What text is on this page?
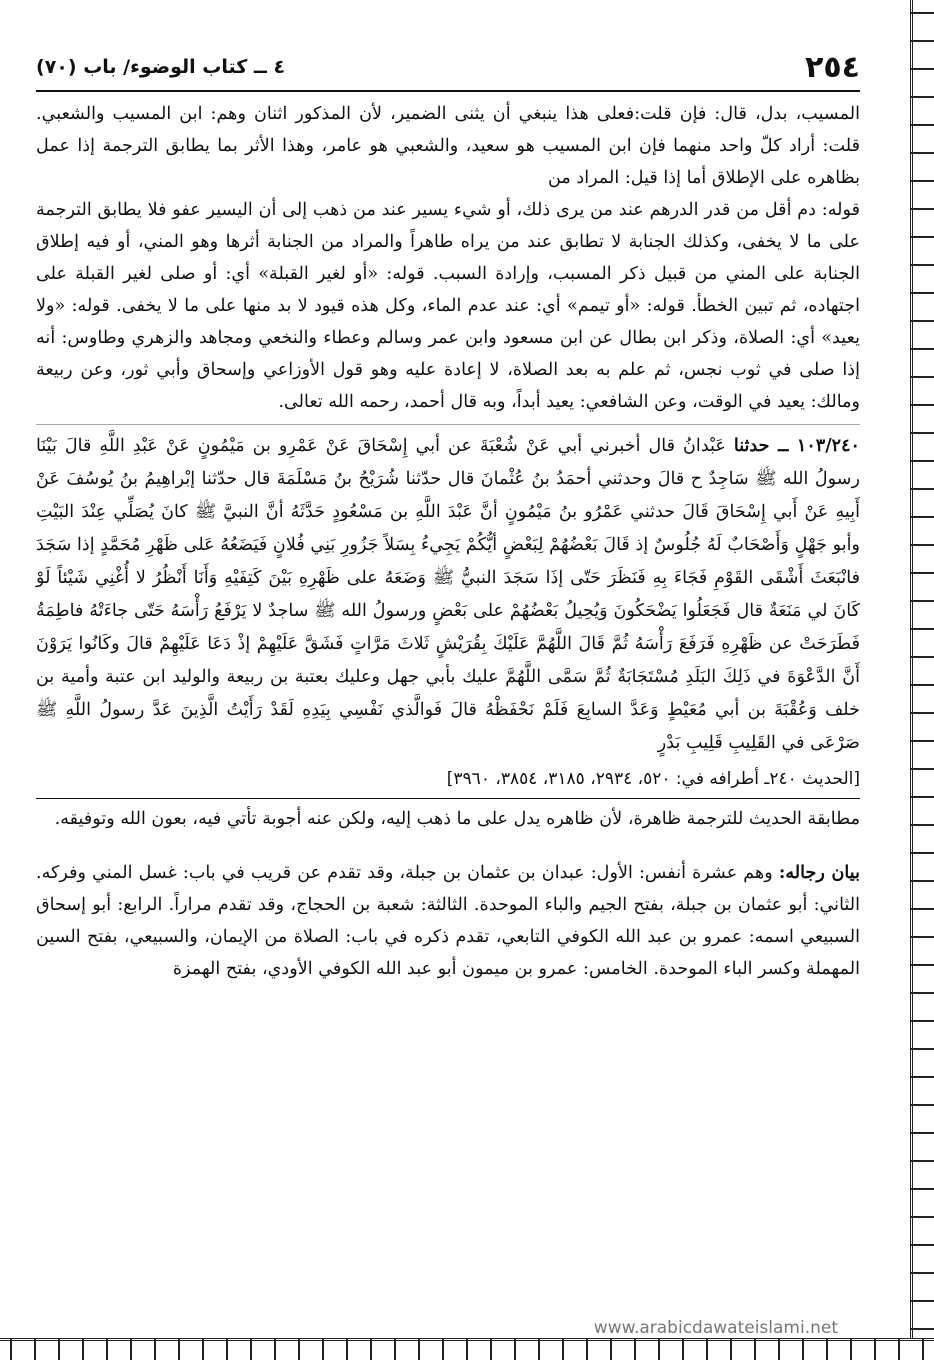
٢٥٤
٤ ــ كتاب الوضوء/ باب (٧٠)

المسيب، بدل، قال: فإن قلت:فعلى هذا ينبغي أن يثنى الضمير، لأن المذكور اثنان وهم: ابن المسيب والشعبي. قلت: أراد كلّ واحد منهما فإن ابن المسيب هو سعيد، والشعبي هو عامر، وهذا الأثر بما يطابق الترجمة إذا عمل بظاهره على الإطلاق أما إذا قيل: المراد من

قوله: دم أقل من قدر الدرهم عند من يرى ذلك، أو شيء يسير عند من ذهب إلى أن اليسير عفو فلا يطابق الترجمة على ما لا يخفى، وكذلك الجنابة لا تطابق عند من يراه طاهراً والمراد من الجنابة أثرها وهو المني، أو فيه إطلاق الجنابة على المني من قبيل ذكر المسبب، وإرادة السبب. قوله: «أو لغير القبلة» أي: أو صلى لغير القبلة على اجتهاده، ثم تبين الخطأ. قوله: «أو تيمم» أي: عند عدم الماء، وكل هذه قيود لا بد منها على ما لا يخفى. قوله: «ولا يعيد» أي: الصلاة، وذكر ابن بطال عن ابن مسعود وابن عمر وسالم وعطاء والنخعي ومجاهد والزهري وطاوس: أنه إذا صلى في ثوب نجس، ثم علم به بعد الصلاة، لا إعادة عليه وهو قول الأوزاعي وإسحاق وأبي ثور، وعن ربيعة ومالك: يعيد في الوقت، وعن الشافعي: يعيد أبداً، وبه قال أحمد، رحمه الله تعالى.

١٠٣/٢٤٠ ــ حدثنا عَبْدانُ قال أخبرني أبي عَنْ شُعْبَةَ عن أبي إِسْحَاقَ عَنْ عَمْرِو بن مَيْمُونٍ عَنْ عَبْدِ اللَّهِ قالَ بَيْنَا رسولُ الله ﷺ سَاجِدٌ ح قالَ وحدثني أحمَدُ بنُ عُثْمانَ قال حدّثنا شُرَيْحُ بنُ مَسْلَمَةَ قال حدّثنا إبْراهِيمُ بنُ يُوسُفَ عَنْ أَبِيهِ عَنْ أَبي إِسْحَاقَ قَالَ حدثني عَمْرُو بنُ مَيْمُونٍ أنَّ عَبْدَ اللَّهِ بن مَسْعُودٍ حَدَّثَهُ أنَّ النبيَّ ﷺ كانَ يُصَلِّي عِنْدَ البَيْتِ وأبو جَهْلٍ وَأَصْحَابٌ لَهُ جُلُوسٌ إذ قَالَ بَعْضُهُمْ لِبَعْضٍ أيُّكُمْ يَجِيءُ بِسَلاً جَزُورِ بَنِي فُلانٍ فَيَضَعُهُ عَلى ظَهْرِ مُحَمَّدٍ إذا سَجَدَ فانْبَعَثَ أَشْقَى القَوْمِ فَجَاءَ بِهِ فَنَظَرَ حَتّى إذَا سَجَدَ النبيُّ ﷺ وَضَعَهُ على ظَهْرِهِ بَيْنَ كَتِفَيْهِ وَأَنَا أَنْظُرُ لا أُغْنِي شَيْئاً لَوْ كَانَ لي مَنَعَةٌ قال فَجَعَلُوا يَضْحَكُونَ وَيُحِيلُ بَعْضُهُمْ على بَعْضٍ ورسولُ الله ﷺ ساجدٌ لا يَرْفَعُ رَأْسَهُ حَتّى جاءَتْهُ فاطِمَةُ فَطَرَحَتْ عن ظَهْرِهِ فَرَفَعَ رَأْسَهُ ثُمَّ قَالَ اللَّهُمَّ عَلَيْكَ بِقُرَيْشٍ ثَلاثَ مَرَّاتٍ فَشَقَّ عَلَيْهِمْ إذْ دَعَا عَلَيْهِمْ قالَ وكَانُوا يَرَوْنَ أَنَّ الدَّعْوَةَ في ذَلِكَ البَلَدِ مُسْتَجَابَةٌ ثُمَّ سَمَّى اللَّهُمَّ عليك بأبي جهل وعليك بعتبة بن ربيعة والوليد ابن عتبة وأمية بن خلف وَعُقْبَةَ بن أبي مُعَيْطٍ وَعَدَّ السابِعَ فَلَمْ نَحْفَظْهُ قالَ فَوالَّذي نَفْسِي بِيَدِهِ لَقَدْ رَأَيْتُ الَّذِينَ عَدَّ رسولُ اللَّهِ ﷺ صَرْعَى في القَلِيبِ قَلِيبِ بَدْرٍ

[الحديث ٢٤٠ـ أطرافه في: ٥٢٠، ٢٩٣٤، ٣١٨٥، ٣٨٥٤، ٣٩٦٠]

مطابقة الحديث للترجمة ظاهرة، لأن ظاهره يدل على ما ذهب إليه، ولكن عنه أجوبة تأتي فيه، بعون الله وتوفيقه.

بيان رجاله: وهم عشرة أنفس: الأول: عبدان بن عثمان بن جبلة، وقد تقدم عن قريب في باب: غسل المني وفركه. الثاني: أبو عثمان بن جبلة، بفتح الجيم والباء الموحدة. الثالثة: شعبة بن الحجاج، وقد تقدم مراراً. الرابع: أبو إسحاق السبيعي اسمه: عمرو بن عبد الله الكوفي التابعي، تقدم ذكره في باب: الصلاة من الإيمان، والسبيعي، بفتح السين المهملة وكسر الباء الموحدة. الخامس: عمرو بن ميمون أبو عبد الله الكوفي الأودي، بفتح الهمزة

www.arabicdawateislami.net
